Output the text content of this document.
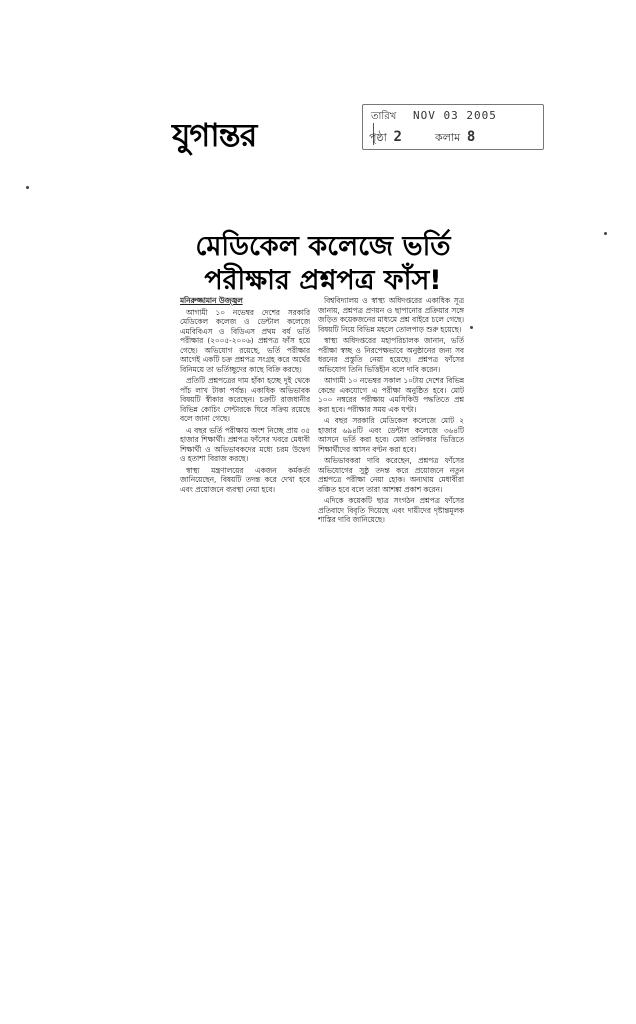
যুগান্তর	তারিখ NOV 03 2005
পৃষ্ঠা 2	কলাম 8
মেডিকেল কলেজে ভর্তি
পরীক্ষার প্রশ্নপত্র ফাঁস!
মনিরুজ্জামান উজ্জ্বল

আগামী ১০ নভেম্বর দেশের সরকারি মেডিকেল কলেজ ও ডেন্টাল কলেজে এমবিবিএস ও বিডিএস প্রথম বর্ষ ভর্তি পরীক্ষার (২০০৫-২০০৬) প্রশ্নপত্র ফাঁস হয়ে গেছে। অভিযোগ রয়েছে, ভর্তি পরীক্ষার আগেই একটি চক্র প্রশ্নপত্র সংগ্রহ করে অর্থের বিনিময়ে তা ভর্তিচ্ছুদের কাছে বিক্রি করছে।

প্রতিটি প্রশ্নপত্রের দাম হাঁকা হচ্ছে দুই থেকে পাঁচ লাখ টাকা পর্যন্ত। একাধিক অভিভাবক বিষয়টি স্বীকার করেছেন। চক্রটি রাজধানীর বিভিন্ন কোচিং সেন্টারকে ঘিরে সক্রিয় রয়েছে বলে জানা গেছে।

এ বছর ভর্তি পরীক্ষায় অংশ নিচ্ছে প্রায় ৩৫ হাজার শিক্ষার্থী। প্রশ্নপত্র ফাঁসের খবরে মেধাবী শিক্ষার্থী ও অভিভাবকদের মধ্যে চরম উদ্বেগ ও হতাশা বিরাজ করছে।

স্বাস্থ্য মন্ত্রণালয়ের একজন কর্মকর্তা জানিয়েছেন, বিষয়টি তদন্ত করে দেখা হবে এবং প্রয়োজনে ব্যবস্থা নেয়া হবে।

বিশ্ববিদ্যালয় ও স্বাস্থ্য অধিদপ্তরের একাধিক সূত্র জানায়, প্রশ্নপত্র প্রণয়ন ও ছাপানোর প্রক্রিয়ার সঙ্গে জড়িত কয়েকজনের মাধ্যমে প্রশ্ন বাইরে চলে গেছে। বিষয়টি নিয়ে বিভিন্ন মহলে তোলপাড় শুরু হয়েছে।

স্বাস্থ্য অধিদপ্তরের মহাপরিচালক জানান, ভর্তি পরীক্ষা স্বচ্ছ ও নিরপেক্ষভাবে অনুষ্ঠানের জন্য সব ধরনের প্রস্তুতি নেয়া হয়েছে। প্রশ্নপত্র ফাঁসের অভিযোগ তিনি ভিত্তিহীন বলে দাবি করেন।

আগামী ১০ নভেম্বর সকাল ১০টায় দেশের বিভিন্ন কেন্দ্রে একযোগে এ পরীক্ষা অনুষ্ঠিত হবে। মোট ১০০ নম্বরের পরীক্ষায় এমসিকিউ পদ্ধতিতে প্রশ্ন করা হবে। পরীক্ষার সময় এক ঘণ্টা।

এ বছর সরকারি মেডিকেল কলেজে মোট ২ হাজার ৬৯৪টি এবং ডেন্টাল কলেজে ৩৬৪টি আসনে ভর্তি করা হবে। মেধা তালিকার ভিত্তিতে শিক্ষার্থীদের আসন বণ্টন করা হবে।

অভিভাবকরা দাবি করেছেন, প্রশ্নপত্র ফাঁসের অভিযোগের সুষ্ঠু তদন্ত করে প্রয়োজনে নতুন প্রশ্নপত্রে পরীক্ষা নেয়া হোক। অন্যথায় মেধাবীরা বঞ্চিত হবে বলে তারা আশঙ্কা প্রকাশ করেন।

এদিকে কয়েকটি ছাত্র সংগঠন প্রশ্নপত্র ফাঁসের প্রতিবাদে বিবৃতি দিয়েছে এবং দায়ীদের দৃষ্টান্তমূলক শাস্তির দাবি জানিয়েছে।
